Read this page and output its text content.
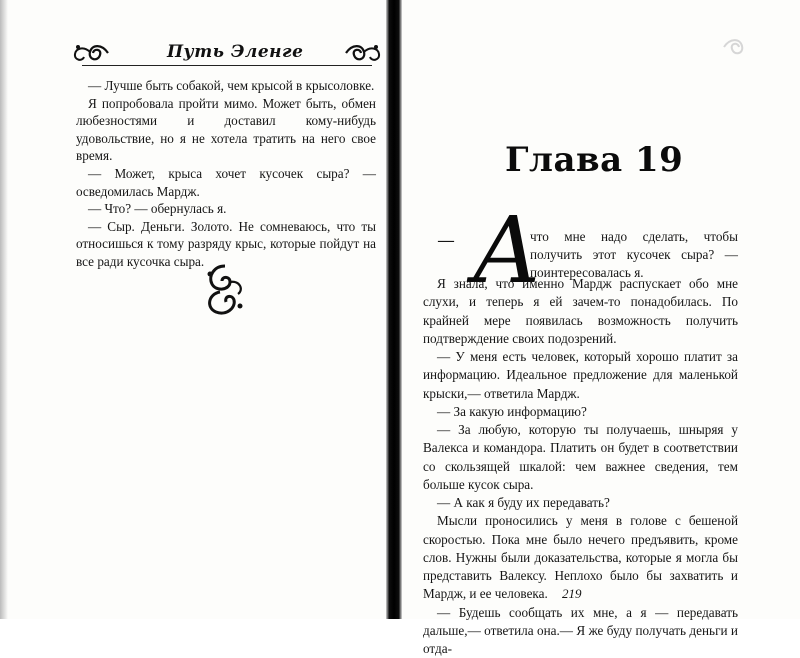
Путь Эленге

— Лучше быть собакой, чем крысой в крысоловке.

Я попробовала пройти мимо. Может быть, обмен любезностями и доставил кому-нибудь удовольствие, но я не хотела тратить на него свое время.

— Может, крыса хочет кусочек сыра? — осведомилась Мардж.

— Что? — обернулась я.

— Сыр. Деньги. Золото. Не сомневаюсь, что ты относишься к тому разряду крыс, которые пойдут на все ради кусочка сыра.

Глава 19
— А

что мне надо сделать, чтобы получить этот кусочек сыра? — поинтересовалась я.

Я знала, что именно Мардж распускает обо мне слухи, и теперь я ей зачем-то понадобилась. По крайней мере появилась возможность получить подтверждение своих подозрений.

— У меня есть человек, который хорошо платит за информацию. Идеальное предложение для маленькой крыски,— ответила Мардж.

— За какую информацию?

— За любую, которую ты получаешь, шныряя у Валекса и командора. Платить он будет в соответствии со скользящей шкалой: чем важнее сведения, тем больше кусок сыра.

— А как я буду их передавать?

Мысли проносились у меня в голове с бешеной скоростью. Пока мне было нечего предъявить, кроме слов. Нужны были доказательства, которые я могла бы представить Валексу. Неплохо было бы захватить и Мардж, и ее человека.

— Будешь сообщать их мне, а я — передавать дальше,— ответила она.— Я же буду получать деньги и отда-

219
